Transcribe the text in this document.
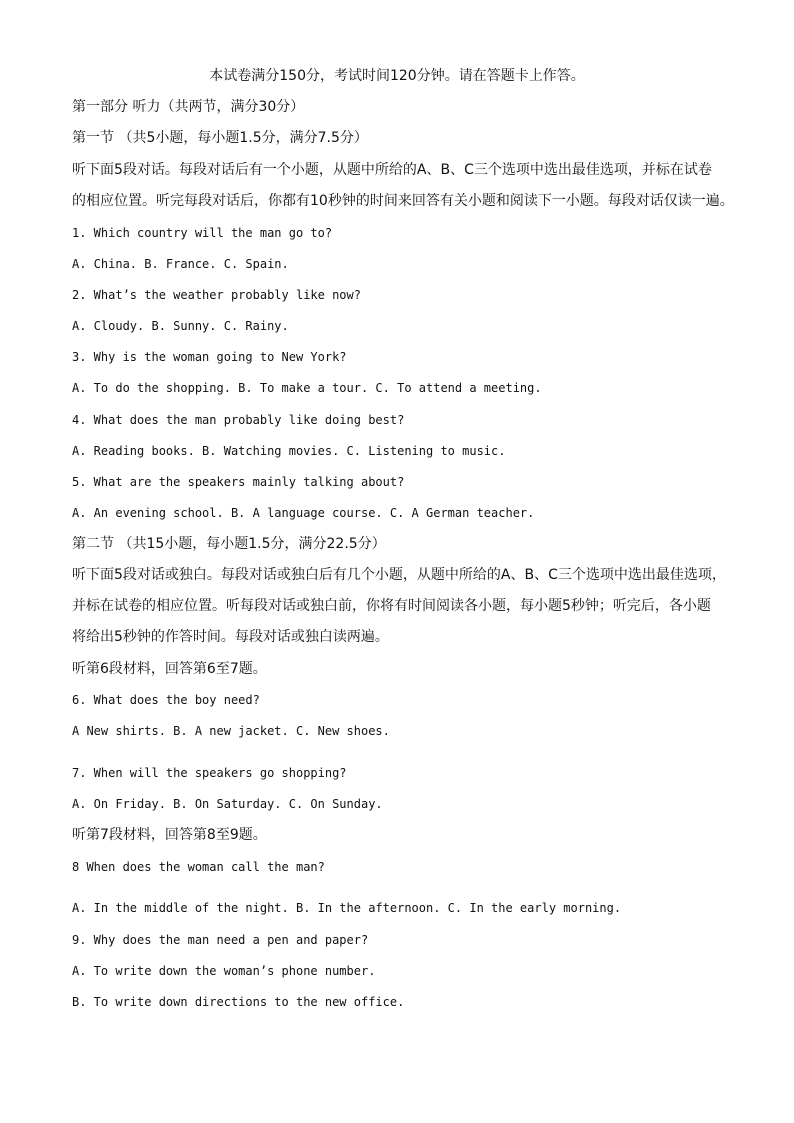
本试卷满分150分，考试时间120分钟。请在答题卡上作答。
第一部分 听力（共两节，满分30分）
第一节 （共5小题，每小题1.5分，满分7.5分）
听下面5段对话。每段对话后有一个小题，从题中所给的A、B、C三个选项中选出最佳选项，并标在试卷
的相应位置。听完每段对话后，你都有10秒钟的时间来回答有关小题和阅读下一小题。每段对话仅读一遍。
1. Which country will the man go to?
A. China. B. France. C. Spain.
2. What’s the weather probably like now?
A. Cloudy. B. Sunny. C. Rainy.
3. Why is the woman going to New York?
A. To do the shopping. B. To make a tour. C. To attend a meeting.
4. What does the man probably like doing best?
A. Reading books. B. Watching movies. C. Listening to music.
5. What are the speakers mainly talking about?
A. An evening school. B. A language course. C. A German teacher.
第二节 （共15小题，每小题1.5分，满分22.5分）
听下面5段对话或独白。每段对话或独白后有几个小题，从题中所给的A、B、C三个选项中选出最佳选项，
并标在试卷的相应位置。听每段对话或独白前，你将有时间阅读各小题，每小题5秒钟；听完后，各小题
将给出5秒钟的作答时间。每段对话或独白读两遍。
听第6段材料，回答第6至7题。
6. What does the boy need?
A New shirts. B. A new jacket. C. New shoes.
7. When will the speakers go shopping?
A. On Friday. B. On Saturday. C. On Sunday.
听第7段材料，回答第8至9题。
8 When does the woman call the man?
A. In the middle of the night. B. In the afternoon. C. In the early morning.
9. Why does the man need a pen and paper?
A. To write down the woman’s phone number.
B. To write down directions to the new office.
